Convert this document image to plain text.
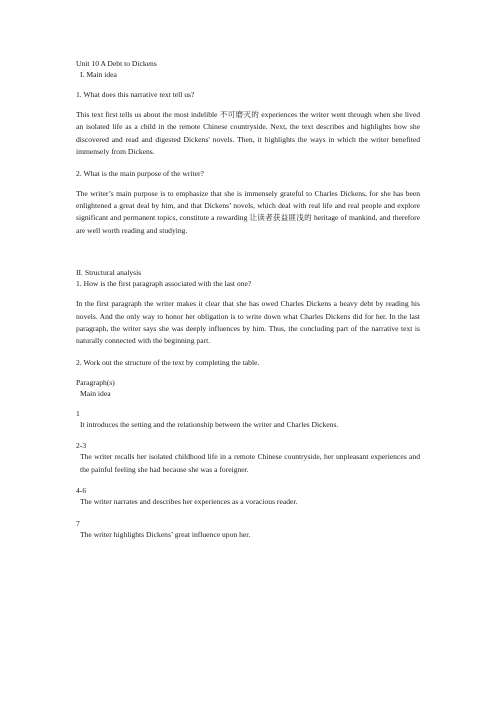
Unit 10 A Debt to Dickens

I. Main idea

1. What does this narrative text tell us?

This text first tells us about the most indelible 不可磨灭的 experiences the writer went through when she lived an isolated life as a child in the remote Chinese countryside. Next, the text describes and highlights how she discovered and read and digested Dickens' novels. Then, it highlights the ways in which the writer benefited immensely from Dickens.

2. What is the main purpose of the writer?

The writer’s main purpose is to emphasize that she is immensely grateful to Charles Dickens, for she has been enlightened a great deal by him, and that Dickens’ novels, which deal with real life and real people and explore significant and permanent topics, constitute a rewarding 让读者获益匪浅的 heritage of mankind, and therefore are well worth reading and studying.

II. Structural analysis

1. How is the first paragraph associated with the last one?

In the first paragraph the writer makes it clear that she has owed Charles Dickens a heavy debt by reading his novels. And the only way to honor her obligation is to write down what Charles Dickens did for her. In the last paragraph, the writer says she was deeply influences by him. Thus, the concluding part of the narrative text is naturally connected with the beginning part.

2. Work out the structure of the text by completing the table.

Paragraph(s)

Main idea

1

It introduces the setting and the relationship between the writer and Charles Dickens.

2-3

The writer recalls her isolated childhood life in a remote Chinese countryside, her unpleasant experiences and the painful feeling she had because she was a foreigner.

4-6

The writer narrates and describes her experiences as a voracious reader.

7

The writer highlights Dickens’ great influence upon her.
